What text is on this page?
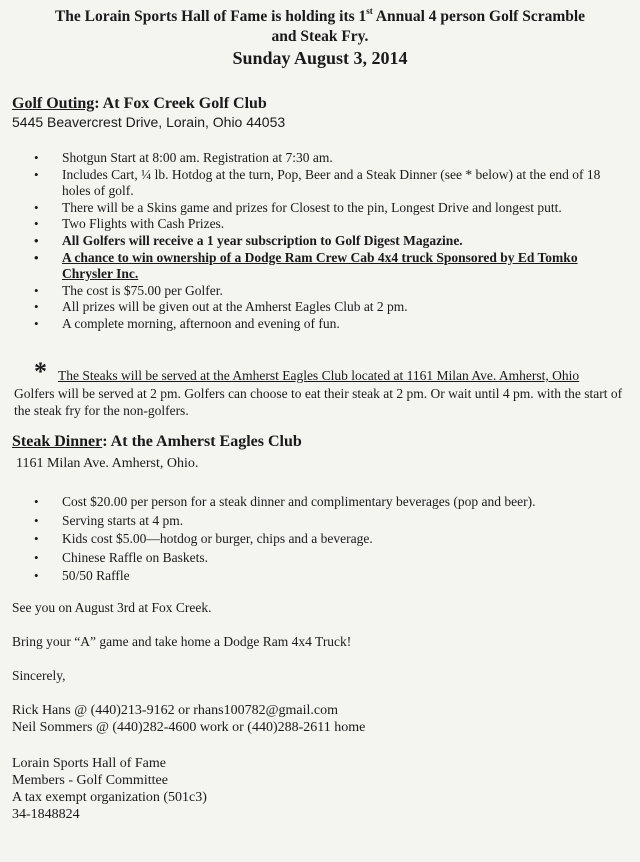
The Lorain Sports Hall of Fame is holding its 1st Annual 4 person Golf Scramble
and Steak Fry.
Sunday August 3, 2014
Golf Outing: At Fox Creek Golf Club
5445 Beavercrest Drive, Lorain, Ohio 44053
• Shotgun Start at 8:00 am. Registration at 7:30 am.
• Includes Cart, ¼ lb. Hotdog at the turn, Pop, Beer and a Steak Dinner (see * below) at the end of 18 holes of golf.
• There will be a Skins game and prizes for Closest to the pin, Longest Drive and longest putt.
• Two Flights with Cash Prizes.
• All Golfers will receive a 1 year subscription to Golf Digest Magazine.
• A chance to win ownership of a Dodge Ram Crew Cab 4x4 truck Sponsored by Ed Tomko Chrysler Inc.
• The cost is $75.00 per Golfer.
• All prizes will be given out at the Amherst Eagles Club at 2 pm.
• A complete morning, afternoon and evening of fun.
* The Steaks will be served at the Amherst Eagles Club located at 1161 Milan Ave. Amherst, Ohio
Golfers will be served at 2 pm. Golfers can choose to eat their steak at 2 pm. Or wait until 4 pm. with the start of the steak fry for the non-golfers.
Steak Dinner: At the Amherst Eagles Club
1161 Milan Ave. Amherst, Ohio.
• Cost $20.00 per person for a steak dinner and complimentary beverages (pop and beer).
• Serving starts at 4 pm.
• Kids cost $5.00—hotdog or burger, chips and a beverage.
• Chinese Raffle on Baskets.
• 50/50 Raffle
See you on August 3rd at Fox Creek.
Bring your “A” game and take home a Dodge Ram 4x4 Truck!
Sincerely,
Rick Hans @ (440)213-9162 or rhans100782@gmail.com
Neil Sommers @ (440)282-4600 work or (440)288-2611 home
Lorain Sports Hall of Fame
Members - Golf Committee
A tax exempt organization (501c3)
34-1848824
